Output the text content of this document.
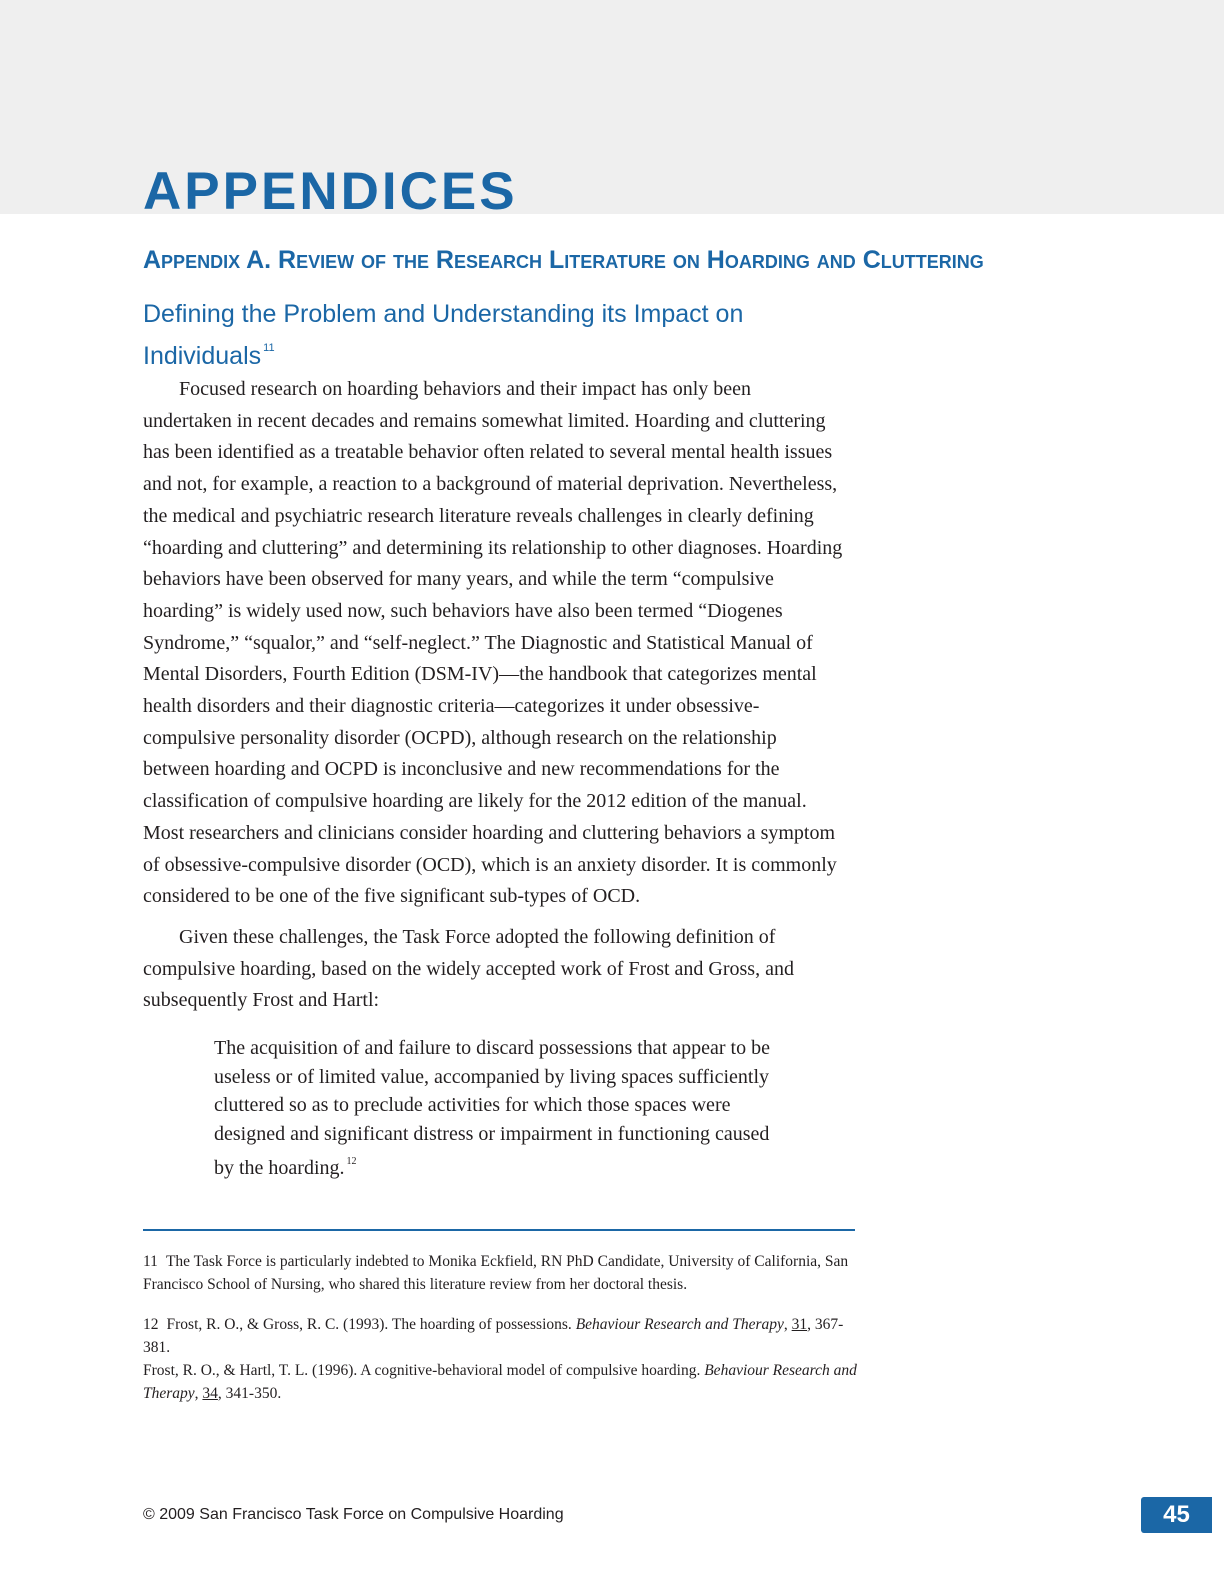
APPENDICES
Appendix A. Review of the Research Literature on Hoarding and Cluttering
Defining the Problem and Understanding its Impact on Individuals $^{11}$

Focused research on hoarding behaviors and their impact has only been undertaken in recent decades and remains somewhat limited. Hoarding and cluttering has been identified as a treatable behavior often related to several mental health issues and not, for example, a reaction to a background of material deprivation. Nevertheless, the medical and psychiatric research literature reveals challenges in clearly defining “hoarding and cluttering” and determining its relationship to other diagnoses. Hoarding behaviors have been observed for many years, and while the term “compulsive hoarding” is widely used now, such behaviors have also been termed “Diogenes Syndrome,” “squalor,” and “self-neglect.” The Diagnostic and Statistical Manual of Mental Disorders, Fourth Edition (DSM-IV)—the handbook that categorizes mental health disorders and their diagnostic criteria—categorizes it under obsessive-compulsive personality disorder (OCPD), although research on the relationship between hoarding and OCPD is inconclusive and new recommendations for the classification of compulsive hoarding are likely for the 2012 edition of the manual. Most researchers and clinicians consider hoarding and cluttering behaviors a symptom of obsessive-compulsive disorder (OCD), which is an anxiety disorder. It is commonly considered to be one of the five significant sub-types of OCD.

Given these challenges, the Task Force adopted the following definition of compulsive hoarding, based on the widely accepted work of Frost and Gross, and subsequently Frost and Hartl:

The acquisition of and failure to discard possessions that appear to be useless or of limited value, accompanied by living spaces sufficiently cluttered so as to preclude activities for which those spaces were designed and significant distress or impairment in functioning caused by the hoarding. $^{12}$

11 The Task Force is particularly indebted to Monika Eckfield, RN PhD Candidate, University of California, San Francisco School of Nursing, who shared this literature review from her doctoral thesis.

12 Frost, R. O., & Gross, R. C. (1993). The hoarding of possessions. Behaviour Research and Therapy, 31, 367-381.

Frost, R. O., & Hartl, T. L. (1996). A cognitive-behavioral model of compulsive hoarding. Behaviour Research and Therapy, 34, 341-350.

© 2009 San Francisco Task Force on Compulsive Hoarding	45
